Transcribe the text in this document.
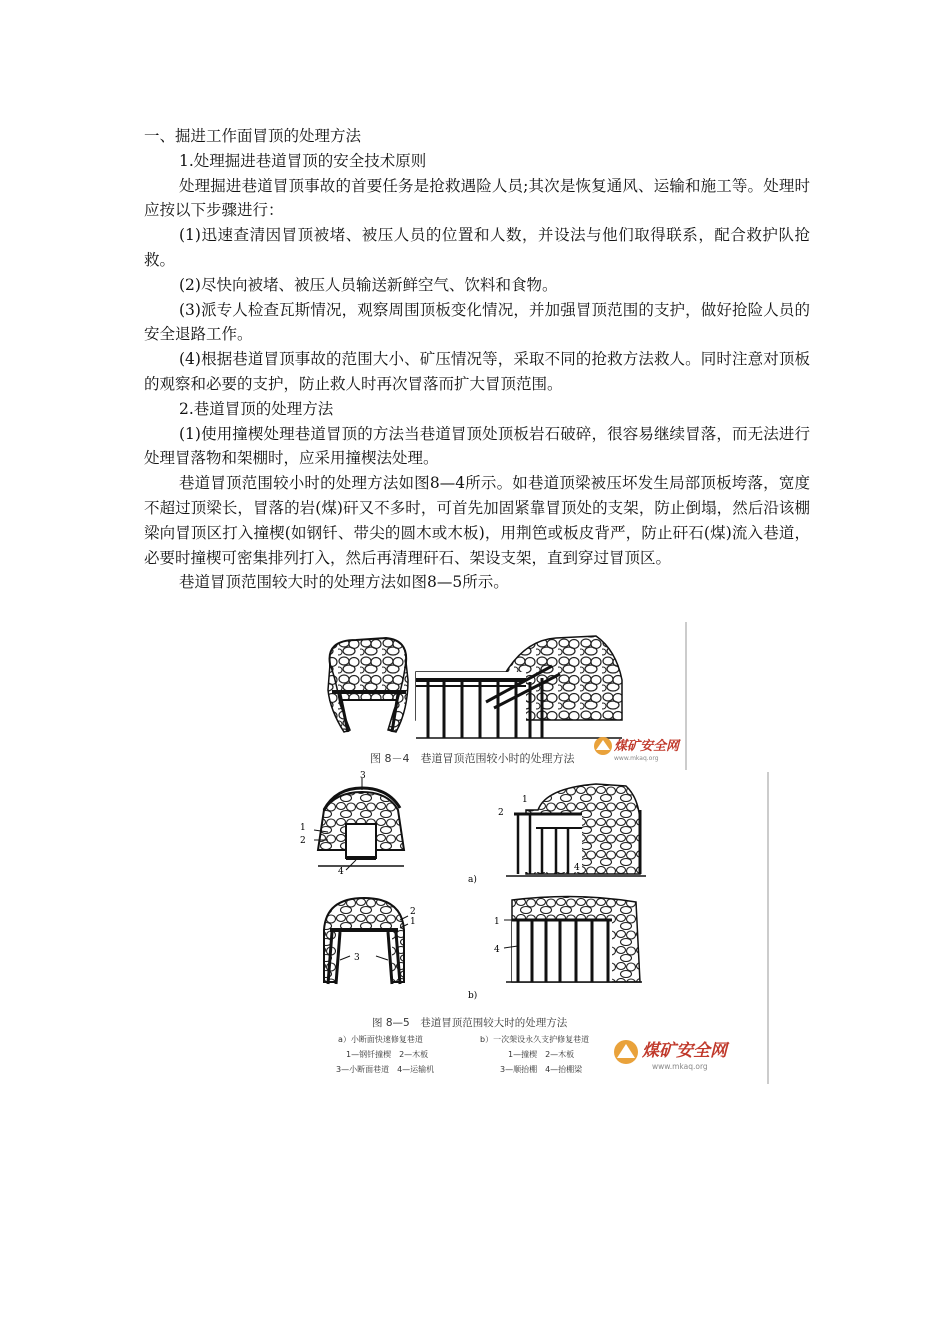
一、掘进工作面冒顶的处理方法

1.处理掘进巷道冒顶的安全技术原则

处理掘进巷道冒顶事故的首要任务是抢救遇险人员;其次是恢复通风、运输和施工等。处理时应按以下步骤进行：

(1)迅速查清因冒顶被堵、被压人员的位置和人数，并设法与他们取得联系，配合救护队抢救。

(2)尽快向被堵、被压人员输送新鲜空气、饮料和食物。

(3)派专人检查瓦斯情况，观察周围顶板变化情况，并加强冒顶范围的支护，做好抢险人员的安全退路工作。

(4)根据巷道冒顶事故的范围大小、矿压情况等，采取不同的抢救方法救人。同时注意对顶板的观察和必要的支护，防止救人时再次冒落而扩大冒顶范围。

2.巷道冒顶的处理方法

(1)使用撞楔处理巷道冒顶的方法当巷道冒顶处顶板岩石破碎，很容易继续冒落，而无法进行处理冒落物和架棚时，应采用撞楔法处理。

巷道冒顶范围较小时的处理方法如图8—4所示。如巷道顶梁被压坏发生局部顶板垮落，宽度不超过顶梁长，冒落的岩(煤)矸又不多时，可首先加固紧靠冒顶处的支架，防止倒塌，然后沿该棚梁向冒顶区打入撞楔(如钢钎、带尖的圆木或木板)，用荆笆或板皮背严，防止矸石(煤)流入巷道，必要时撞楔可密集排列打入，然后再清理矸石、架设支架，直到穿过冒顶区。

巷道冒顶范围较大时的处理方法如图8—5所示。

图 8－4　巷道冒顶范围较小时的处理方法
煤矿安全网
www.mkaq.org
3
1
2
4
2
1
4
a)
2
1
3
1
4
b)
图 8—5　巷道冒顶范围较大时的处理方法
a）小断面快速修复巷道
1—钢钎撞楔　2—木板
3—小断面巷道　4—运输机
b）一次架设永久支护修复巷道
1—撞楔　2—木板
3—顺抬棚　4—抬棚梁
煤矿安全网
www.mkaq.org
